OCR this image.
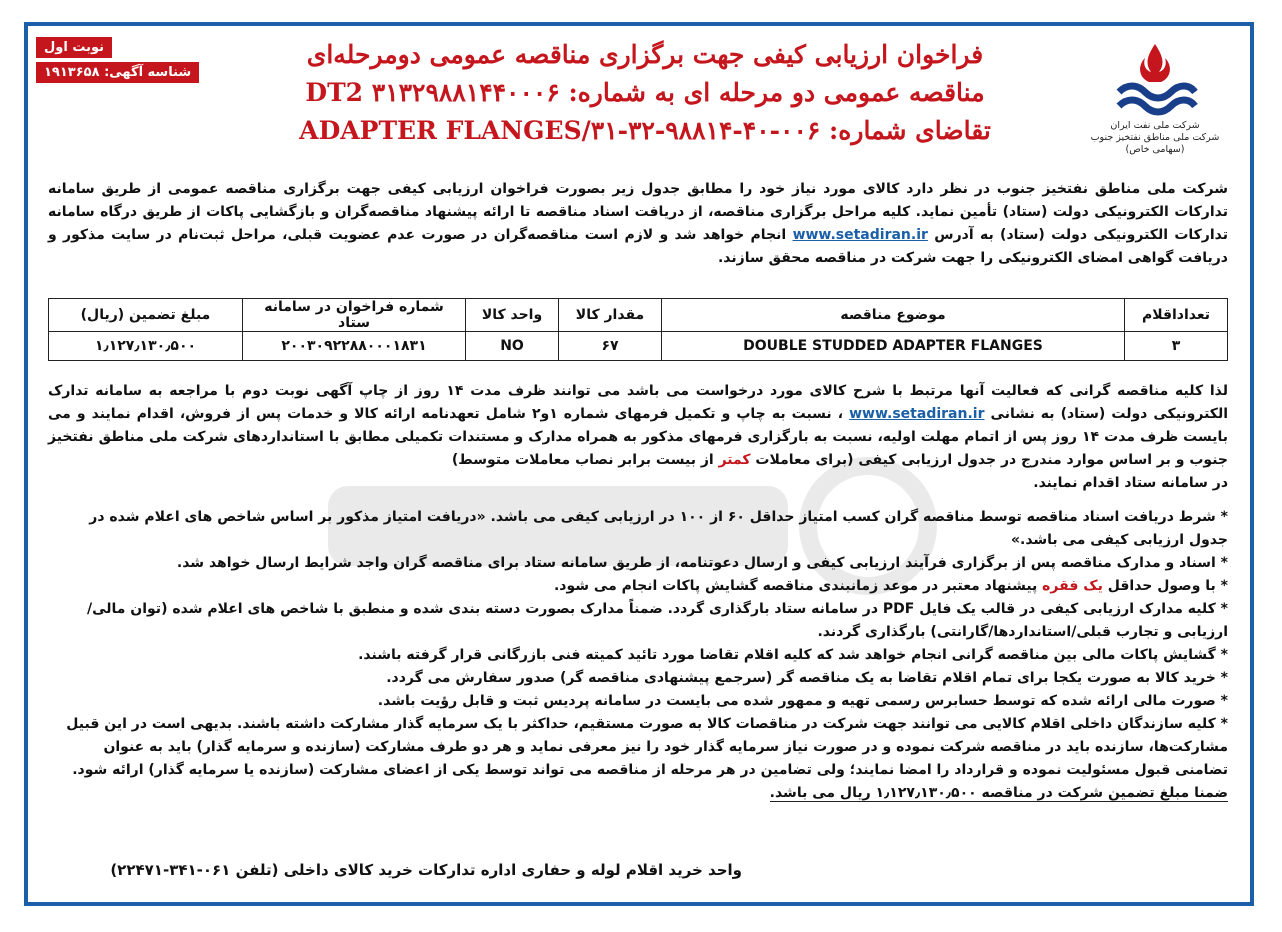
نوبت اول
شناسه آگهی: ۱۹۱۳۶۵۸
فراخوان ارزیابی کیفی جهت برگزاری مناقصه عمومی دومرحله‌ای
مناقصه عمومی دو مرحله ای به شماره: DT2 ۳۱۳۲۹۸۸۱۴۴۰۰۰۶
تقاضای شماره: ۰۰۶-۴۰-۹۸۸۱۴-۳۲-۳۱/ADAPTER FLANGES	شرکت ملی نفت ایران
شرکت ملی مناطق نفتخیز جنوب
(سهامی خاص)
شرکت ملی مناطق نفتخیز جنوب در نظر دارد کالای مورد نیاز خود را مطابق جدول زیر بصورت فراخوان ارزیابی کیفی جهت برگزاری مناقصه عمومی از طریق سامانه تدارکات الکترونیکی دولت (ستاد) تأمین نماید. کلیه مراحل برگزاری مناقصه، از دریافت اسناد مناقصه تا ارائه پیشنهاد مناقصه‌گران و بازگشایی پاکات از طریق درگاه سامانه تدارکات الکترونیکی دولت (ستاد) به آدرس www.setadiran.ir انجام خواهد شد و لازم است مناقصه‌گران در صورت عدم عضویت قبلی، مراحل ثبت‌نام در سایت مذکور و دریافت گواهی امضای الکترونیکی را جهت شرکت در مناقصه محقق سازند.
تعداداقلام	موضوع مناقصه	مقدار کالا	واحد کالا	شماره فراخوان در سامانه ستاد	مبلغ تضمین (ریال)
۳	DOUBLE STUDDED ADAPTER FLANGES	۶۷	NO	۲۰۰۳۰۹۲۲۸۸۰۰۰۱۸۳۱	۱٫۱۲۷٫۱۳۰٫۵۰۰
لذا کلیه مناقصه گرانی که فعالیت آنها مرتبط با شرح کالای مورد درخواست می باشد می توانند ظرف مدت ۱۴ روز از چاپ آگهی نوبت دوم با مراجعه به سامانه تدارک الکترونیکی دولت (ستاد) به نشانی www.setadiran.ir ، نسبت به چاپ و تکمیل فرمهای شماره ۱و۲ شامل تعهدنامه ارائه کالا و خدمات پس از فروش، اقدام نمایند و می بایست ظرف مدت ۱۴ روز پس از اتمام مهلت اولیه، نسبت به بارگزاری فرمهای مذکور به همراه مدارک و مستندات تکمیلی مطابق با استانداردهای شرکت ملی مناطق نفتخیز جنوب و بر اساس موارد مندرج در جدول ارزیابی کیفی (برای معاملات کمتر از بیست برابر نصاب معاملات متوسط)
در سامانه ستاد اقدام نمایند.

* شرط دریافت اسناد مناقصه توسط مناقصه گران کسب امتیاز حداقل ۶۰ از ۱۰۰ در ارزیابی کیفی می باشد. «دریافت امتیاز مذکور بر اساس شاخص های اعلام شده در جدول ارزیابی کیفی می باشد.»

* اسناد و مدارک مناقصه پس از برگزاری فرآیند ارزیابی کیفی و ارسال دعوتنامه، از طریق سامانه ستاد برای مناقصه گران واجد شرایط ارسال خواهد شد.

* با وصول حداقل یک فقره پیشنهاد معتبر در موعد زمانبندی مناقصه گشایش پاکات انجام می شود.

* کلیه مدارک ارزیابی کیفی در قالب یک فایل PDF در سامانه ستاد بارگذاری گردد. ضمناً مدارک بصورت دسته بندی شده و منطبق با شاخص های اعلام شده (توان مالی/ارزیابی و تجارب قبلی/استانداردها/گارانتی) بارگذاری گردند.

* گشایش پاکات مالی بین مناقصه گرانی انجام خواهد شد که کلیه اقلام تقاضا مورد تائید کمیته فنی بازرگانی قرار گرفته باشند.

* خرید کالا به صورت یکجا برای تمام اقلام تقاضا به یک مناقصه گر (سرجمع پیشنهادی مناقصه گر) صدور سفارش می گردد.

* صورت مالی ارائه شده که توسط حسابرس رسمی تهیه و ممهور شده می بایست در سامانه پردیس ثبت و قابل رؤیت باشد.

* کلیه سازندگان داخلی اقلام کالایی می توانند جهت شرکت در مناقصات کالا به صورت مستقیم، حداکثر با یک سرمایه گذار مشارکت داشته باشند. بدیهی است در این قبیل مشارکت‌ها، سازنده باید در مناقصه شرکت نموده و در صورت نیاز سرمایه گذار خود را نیز معرفی نماید و هر دو طرف مشارکت (سازنده و سرمایه گذار) باید به عنوان تضامنی قبول مسئولیت نموده و قرارداد را امضا نمایند؛ ولی تضامین در هر مرحله از مناقصه می تواند توسط یکی از اعضای مشارکت (سازنده یا سرمایه گذار) ارائه شود.

ضمنا مبلغ تضمین شرکت در مناقصه ۱٫۱۲۷٫۱۳۰٫۵۰۰ ریال می باشد.

واحد خرید اقلام لوله و حفاری اداره تدارکات خرید کالای داخلی (تلفن ۰۶۱-۳۴۱-۲۲۴۷۱)
